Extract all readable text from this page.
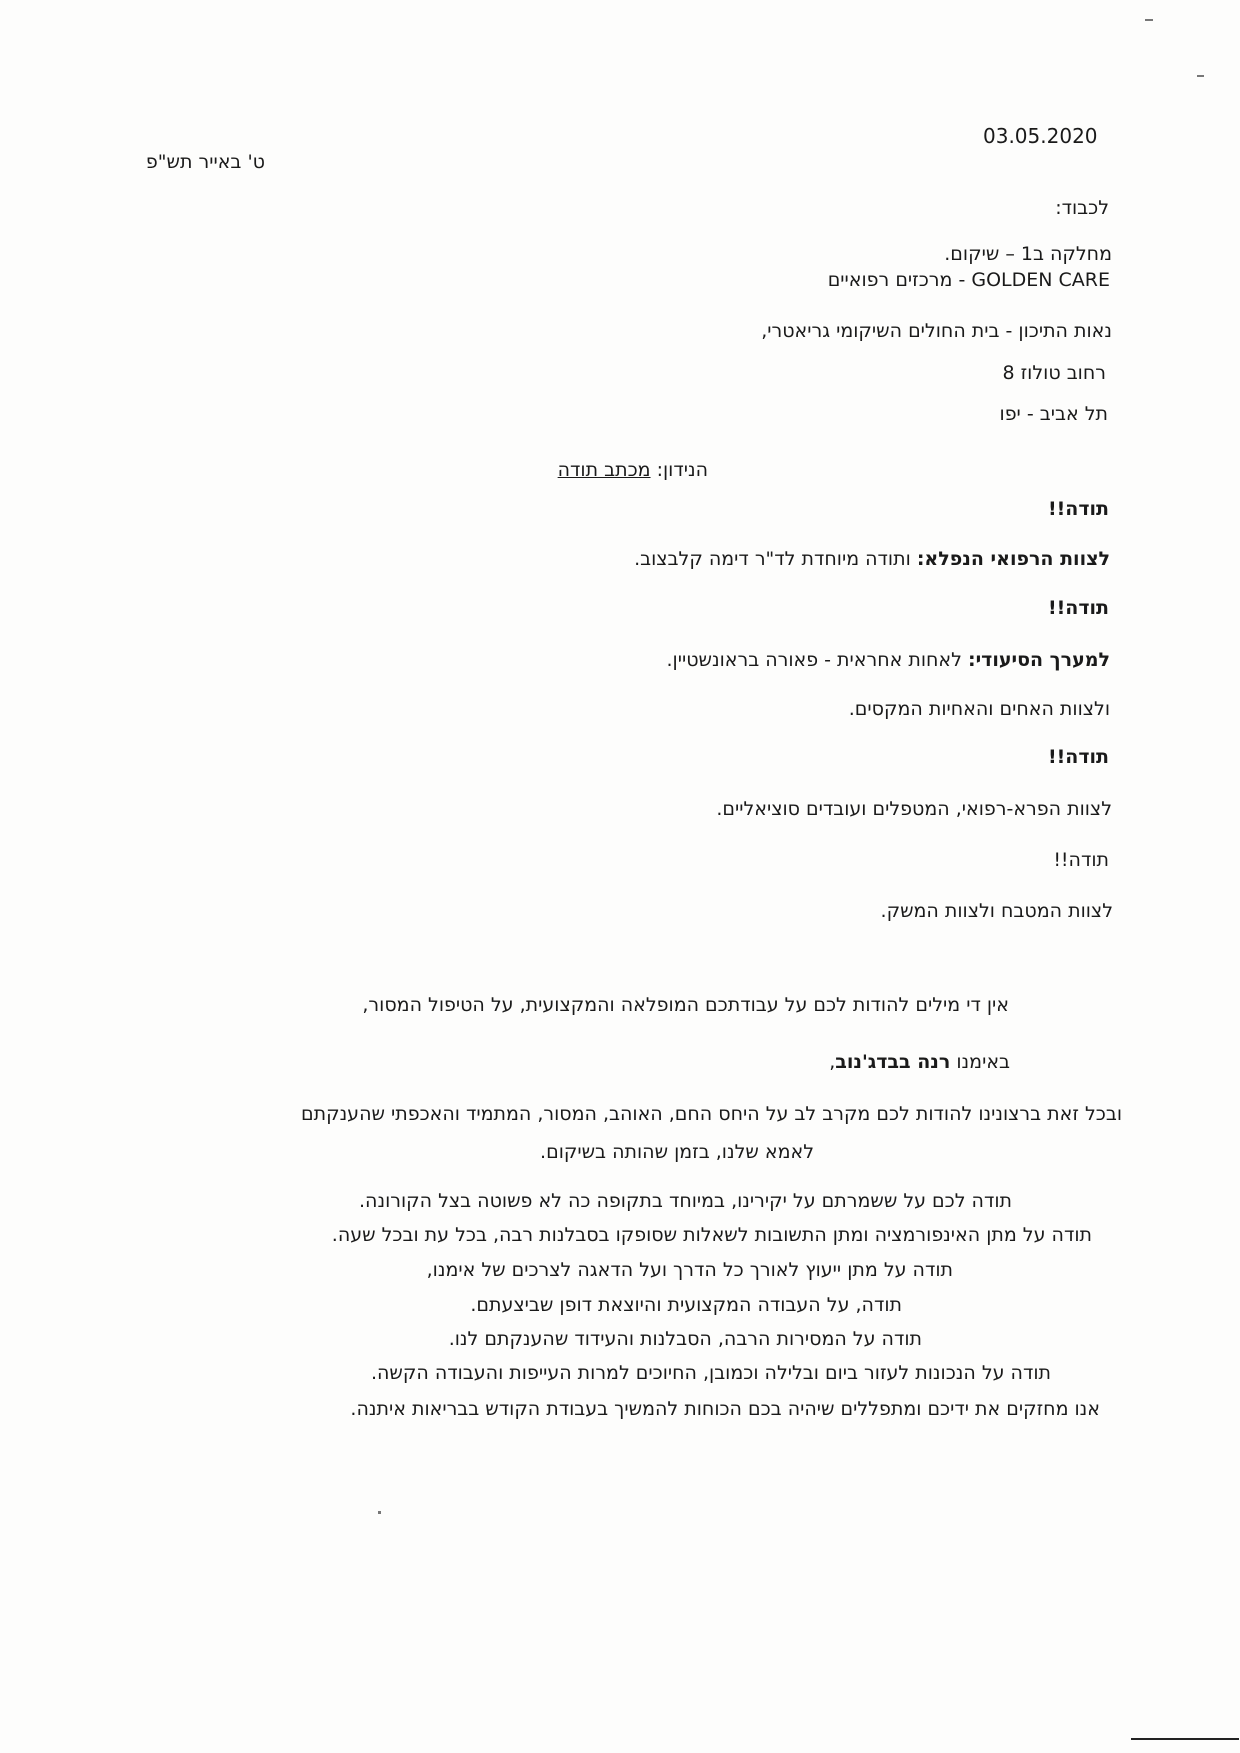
03.05.2020
ט' באייר תש"פ
לכבוד:
מחלקה ב1 – שיקום.
GOLDEN CARE - מרכזים רפואיים
נאות התיכון - בית החולים השיקומי גריאטרי,
רחוב טולוז 8
תל אביב - יפו
הנידון: מכתב תודה
תודה!!
לצוות הרפואי הנפלא: ותודה מיוחדת לד"ר דימה קלבצוב.
תודה!!
למערך הסיעודי: לאחות אחראית - פאורה בראונשטיין.
ולצוות האחים והאחיות המקסים.
תודה!!
לצוות הפרא-רפואי, המטפלים ועובדים סוציאליים.
תודה!!
לצוות המטבח ולצוות המשק.
אין די מילים להודות לכם על עבודתכם המופלאה והמקצועית, על הטיפול המסור,
באימנו רנה בבדג'נוב,
ובכל זאת ברצונינו להודות לכם מקרב לב על היחס החם, האוהב, המסור, המתמיד והאכפתי שהענקתם
לאמא שלנו, בזמן שהותה בשיקום.
תודה לכם על ששמרתם על יקירינו, במיוחד בתקופה כה לא פשוטה בצל הקורונה.
תודה על מתן האינפורמציה ומתן התשובות לשאלות שסופקו בסבלנות רבה, בכל עת ובכל שעה.
תודה על מתן ייעוץ לאורך כל הדרך ועל הדאגה לצרכים של אימנו,
תודה, על העבודה המקצועית והיוצאת דופן שביצעתם.
תודה על המסירות הרבה, הסבלנות והעידוד שהענקתם לנו.
תודה על הנכונות לעזור ביום ובלילה וכמובן, החיוכים למרות העייפות והעבודה הקשה.
אנו מחזקים את ידיכם ומתפללים שיהיה בכם הכוחות להמשיך בעבודת הקודש בבריאות איתנה.
